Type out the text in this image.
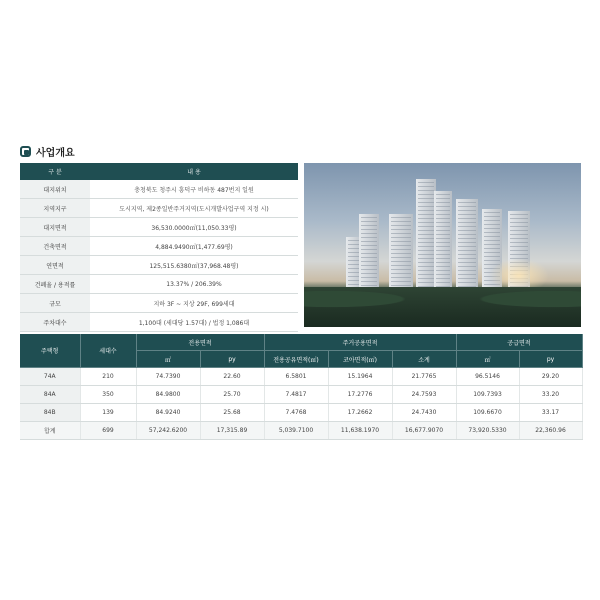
사업개요
구 분	내 용
대지위치	충청북도 청주시 흥덕구 비하동 487번지 일원
지역지구	도시지역, 제2종일반주거지역(도시개발사업구역 지정 시)
대지면적	36,530.0000㎡(11,050.33평)
건축면적	4,884.9490㎡(1,477.69평)
연면적	125,515.6380㎡(37,968.48평)
건폐율 / 용적률	13.37% / 206.39%
규모	지하 3F ~ 지상 29F, 699세대
주차대수	1,100대 (세대당 1.57대) / 법정 1,086대
주택형	세대수	전용면적		주거공용면적			공급면적	
		㎡	py	전용공유면적(㎡)	코아면적(㎡)	소계	㎡	py
74A	210	74.7390	22.60	6.5801	15.1964	21.7765	96.5146	29.20
84A	350	84.9800	25.70	7.4817	17.2776	24.7593	109.7393	33.20
84B	139	84.9240	25.68	7.4768	17.2662	24.7430	109.6670	33.17
합계	699	57,242.6200	17,315.89	5,039.7100	11,638.1970	16,677.9070	73,920.5330	22,360.96
